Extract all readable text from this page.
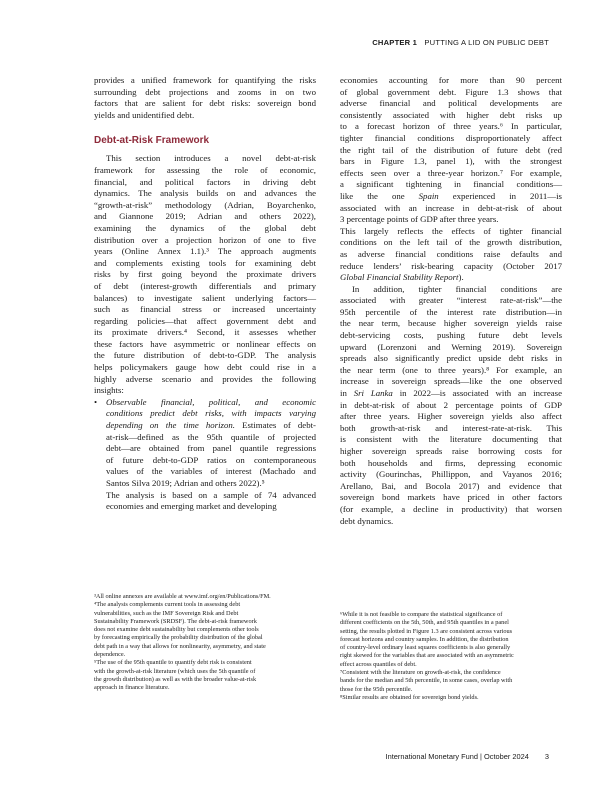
CHAPTER 1 PUTTING A LID ON PUBLIC DEBT
provides a unified framework for quantifying the risks
surrounding debt projections and zooms in on two
factors that are salient for debt risks: sovereign bond
yields and unidentified debt.
Debt-at-Risk Framework
This section introduces a novel debt-at-risk
framework for assessing the role of economic,
financial, and political factors in driving debt
dynamics. The analysis builds on and advances the
“growth-at-risk” methodology (Adrian, Boyarchenko,
and Giannone 2019; Adrian and others 2022),
examining the dynamics of the global debt
distribution over a projection horizon of one to five
years (Online Annex 1.1).³ The approach augments
and complements existing tools for examining debt
risks by first going beyond the proximate drivers
of debt (interest-growth differentials and primary
balances) to investigate salient underlying factors—
such as financial stress or increased uncertainty
regarding policies—that affect government debt and
its proximate drivers.⁴ Second, it assesses whether
these factors have asymmetric or nonlinear effects on
the future distribution of debt-to-GDP. The analysis
helps policymakers gauge how debt could rise in a
highly adverse scenario and provides the following
insights:
• Observable financial, political, and economic
conditions predict debt risks, with impacts varying
depending on the time horizon. Estimates of debt-
at-risk—defined as the 95th quantile of projected
debt—are obtained from panel quantile regressions
of future debt-to-GDP ratios on contemporaneous
values of the variables of interest (Machado and
Santos Silva 2019; Adrian and others 2022).⁵
The analysis is based on a sample of 74 advanced
economies and emerging market and developing
economies accounting for more than 90 percent
of global government debt. Figure 1.3 shows that
adverse financial and political developments are
consistently associated with higher debt risks up
to a forecast horizon of three years.⁶ In particular,
tighter financial conditions disproportionately affect
the right tail of the distribution of future debt (red
bars in Figure 1.3, panel 1), with the strongest
effects seen over a three-year horizon.⁷ For example,
a significant tightening in financial conditions—
like the one Spain experienced in 2011—is
associated with an increase in debt-at-risk of about
3 percentage points of GDP after three years.
This largely reflects the effects of tighter financial
conditions on the left tail of the growth distribution,
as adverse financial conditions raise defaults and
reduce lenders’ risk-bearing capacity (October 2017
Global Financial Stability Report).
In addition, tighter financial conditions are
associated with greater “interest rate-at-risk”—the
95th percentile of the interest rate distribution—in
the near term, because higher sovereign yields raise
debt-servicing costs, pushing future debt levels
upward (Lorenzoni and Werning 2019). Sovereign
spreads also significantly predict upside debt risks in
the near term (one to three years).⁸ For example, an
increase in sovereign spreads—like the one observed
in Sri Lanka in 2022—is associated with an increase
in debt-at-risk of about 2 percentage points of GDP
after three years. Higher sovereign yields also affect
both growth-at-risk and interest-rate-at-risk. This
is consistent with the literature documenting that
higher sovereign spreads raise borrowing costs for
both households and firms, depressing economic
activity (Gourinchas, Phillippon, and Vayanos 2016;
Arellano, Bai, and Bocola 2017) and evidence that
sovereign bond markets have priced in other factors
(for example, a decline in productivity) that worsen
debt dynamics.
³All online annexes are available at www.imf.org/en/Publications/FM.
⁴The analysis complements current tools in assessing debt
vulnerabilities, such as the IMF Sovereign Risk and Debt
Sustainability Framework (SRDSF). The debt-at-risk framework
does not examine debt sustainability but complements other tools
by forecasting empirically the probability distribution of the global
debt path in a way that allows for nonlinearity, asymmetry, and state
dependence.
⁵The use of the 95th quantile to quantify debt risk is consistent
with the growth-at-risk literature (which uses the 5th quantile of
the growth distribution) as well as with the broader value-at-risk
approach in finance literature.
⁶While it is not feasible to compare the statistical significance of
different coefficients on the 5th, 50th, and 95th quantiles in a panel
setting, the results plotted in Figure 1.3 are consistent across various
forecast horizons and country samples. In addition, the distribution
of country-level ordinary least squares coefficients is also generally
right skewed for the variables that are associated with an asymmetric
effect across quantiles of debt.
⁷Consistent with the literature on growth-at-risk, the confidence
bands for the median and 5th percentile, in some cases, overlap with
those for the 95th percentile.
⁸Similar results are obtained for sovereign bond yields.
International Monetary Fund | October 2024 3
